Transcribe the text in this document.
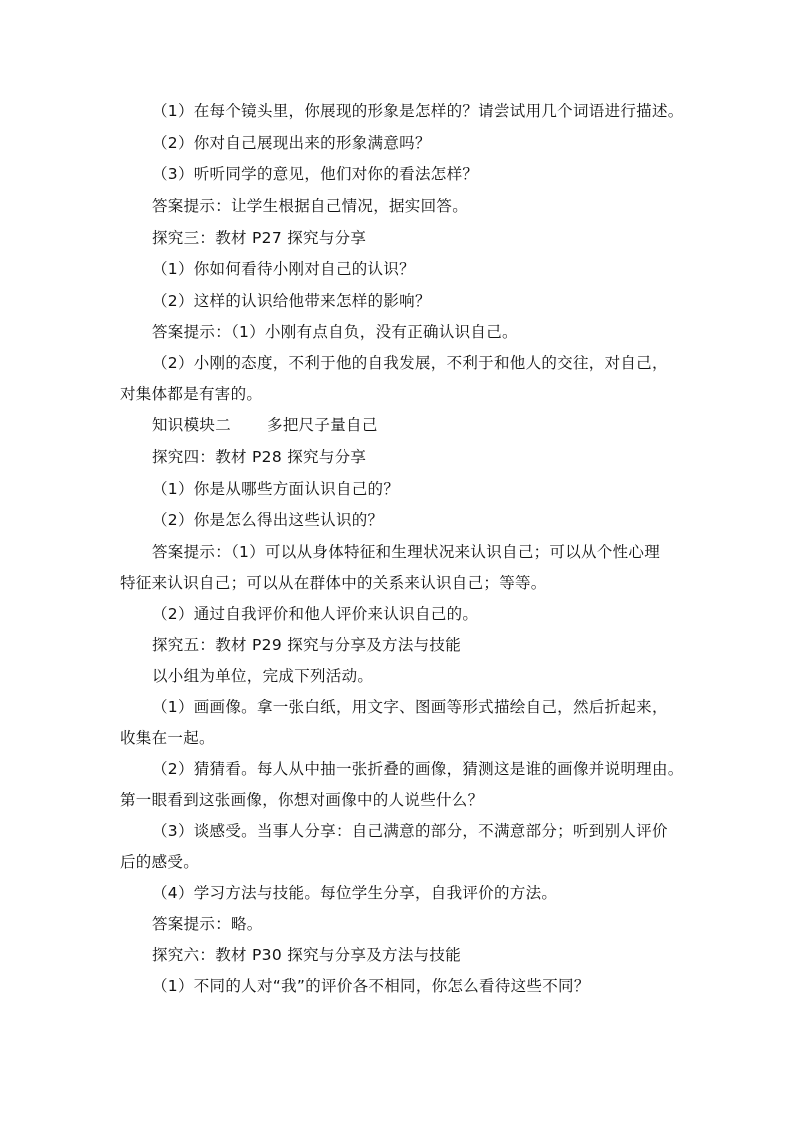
（1）在每个镜头里，你展现的形象是怎样的？请尝试用几个词语进行描述。
（2）你对自己展现出来的形象满意吗？
（3）听听同学的意见，他们对你的看法怎样？
答案提示：让学生根据自己情况，据实回答。
探究三：教材 P27 探究与分享
（1）你如何看待小刚对自己的认识？
（2）这样的认识给他带来怎样的影响？
答案提示：（1）小刚有点自负，没有正确认识自己。
（2）小刚的态度，不利于他的自我发展，不利于和他人的交往，对自己，
对集体都是有害的。
知识模块二 多把尺子量自己
探究四：教材 P28 探究与分享
（1）你是从哪些方面认识自己的？
（2）你是怎么得出这些认识的？
答案提示：（1）可以从身体特征和生理状况来认识自己；可以从个性心理
特征来认识自己；可以从在群体中的关系来认识自己；等等。
（2）通过自我评价和他人评价来认识自己的。
探究五：教材 P29 探究与分享及方法与技能
以小组为单位，完成下列活动。
（1）画画像。拿一张白纸，用文字、图画等形式描绘自己，然后折起来，
收集在一起。
（2）猜猜看。每人从中抽一张折叠的画像，猜测这是谁的画像并说明理由。
第一眼看到这张画像，你想对画像中的人说些什么？
（3）谈感受。当事人分享：自己满意的部分，不满意部分；听到别人评价
后的感受。
（4）学习方法与技能。每位学生分享，自我评价的方法。
答案提示：略。
探究六：教材 P30 探究与分享及方法与技能
（1）不同的人对“我”的评价各不相同，你怎么看待这些不同？
